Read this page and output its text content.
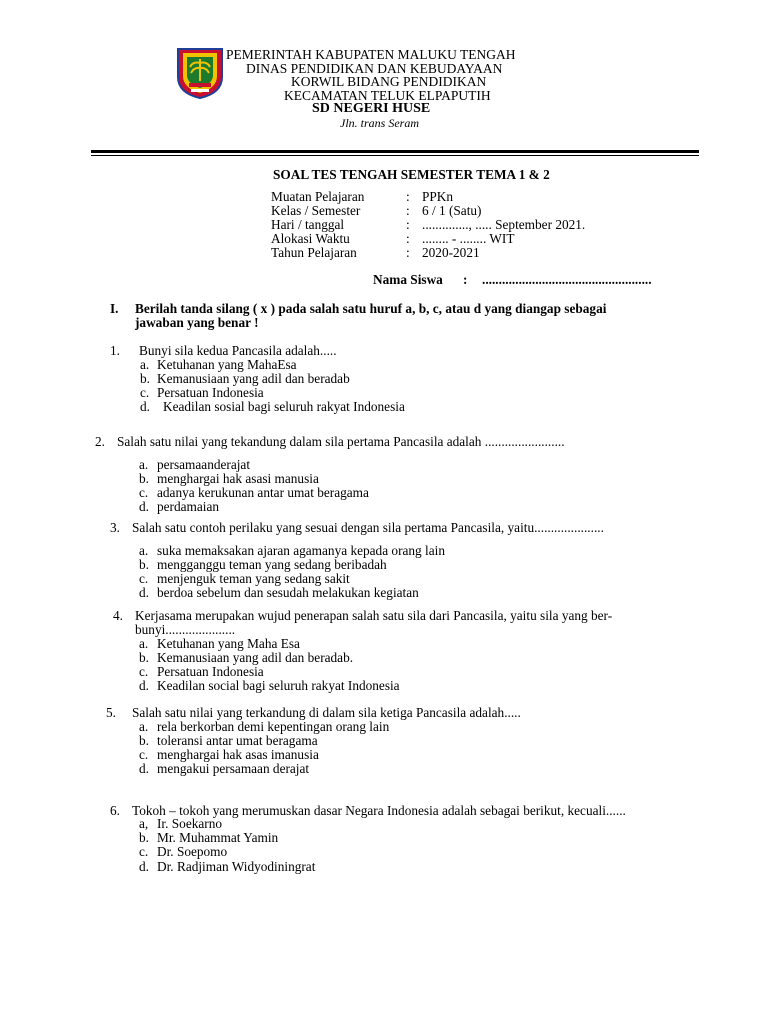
PEMERINTAH KABUPATEN MALUKU TENGAH
DINAS PENDIDIKAN DAN KEBUDAYAAN
KORWIL BIDANG PENDIDIKAN
KECAMATAN TELUK ELPAPUTIH
SD NEGERI HUSE
Jln. trans Seram
SOAL TES TENGAH SEMESTER TEMA 1 & 2
Muatan Pelajaran	: PPKn
Kelas / Semester	: 6 / 1 (Satu)
Hari / tanggal	: .............., ..... September 2021.
Alokasi Waktu	: ........ - ........ WIT
Tahun Pelajaran	: 2020-2021
Nama Siswa : ...................................................
I. Berilah tanda silang ( x ) pada salah satu huruf a, b, c, atau d yang diangap sebagai
jawaban yang benar !
1. Bunyi sila kedua Pancasila adalah.....
a. Ketuhanan yang MahaEsa
b. Kemanusiaan yang adil dan beradab
c. Persatuan Indonesia
d. Keadilan sosial bagi seluruh rakyat Indonesia
2. Salah satu nilai yang tekandung dalam sila pertama Pancasila adalah ........................
a. persamaanderajat
b. menghargai hak asasi manusia
c. adanya kerukunan antar umat beragama
d. perdamaian
3. Salah satu contoh perilaku yang sesuai dengan sila pertama Pancasila, yaitu.....................
a. suka memaksakan ajaran agamanya kepada orang lain
b. mengganggu teman yang sedang beribadah
c. menjenguk teman yang sedang sakit
d. berdoa sebelum dan sesudah melakukan kegiatan
4. Kerjasama merupakan wujud penerapan salah satu sila dari Pancasila, yaitu sila yang ber-
bunyi.....................
a. Ketuhanan yang Maha Esa
b. Kemanusiaan yang adil dan beradab.
c. Persatuan Indonesia
d. Keadilan social bagi seluruh rakyat Indonesia
5. Salah satu nilai yang terkandung di dalam sila ketiga Pancasila adalah.....
a. rela berkorban demi kepentingan orang lain
b. toleransi antar umat beragama
c. menghargai hak asas imanusia
d. mengakui persamaan derajat
6. Tokoh – tokoh yang merumuskan dasar Negara Indonesia adalah sebagai berikut, kecuali......
a, Ir. Soekarno
b. Mr. Muhammat Yamin
c. Dr. Soepomo
d. Dr. Radjiman Widyodiningrat
